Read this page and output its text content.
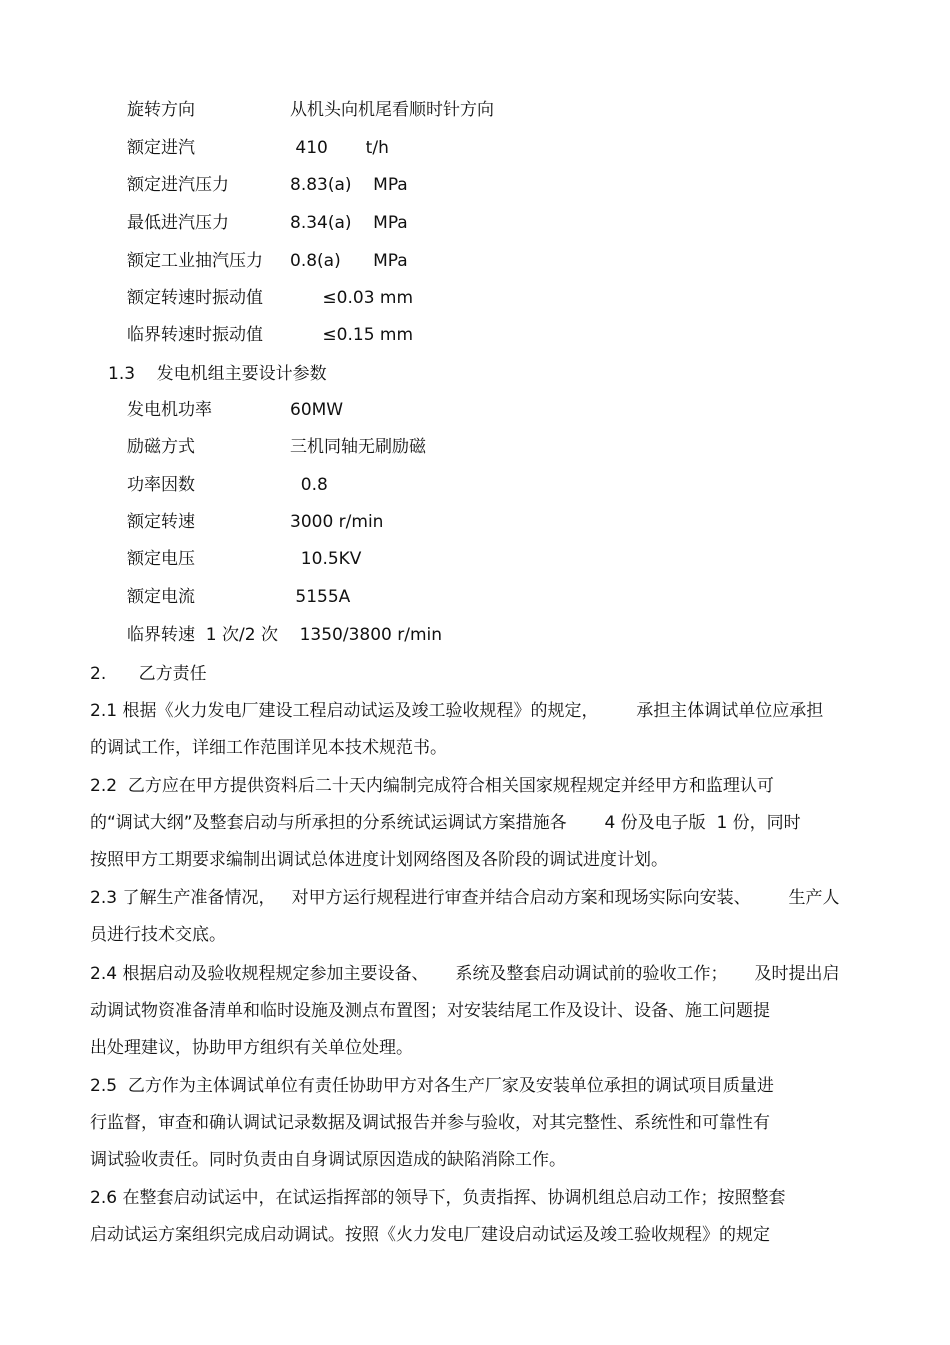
旋转方向	从机头向机尾看顺时针方向
额定进汽	410       t/h
额定进汽压力	8.83(a)    MPa
最低进汽压力	8.34(a)    MPa
额定工业抽汽压力 0.8(a)      MPa
额定转速时振动值 ≤0.03 mm
临界转速时振动值 ≤0.15 mm
1.3    发电机组主要设计参数
发电机功率	60MW
励磁方式	三机同轴无刷励磁
功率因数	0.8
额定转速	3000 r/min
额定电压	10.5KV
额定电流	5155A
临界转速  1 次/2 次    1350/3800 r/min
2.      乙方责任
2.1 根据《火力发电厂建设工程启动试运及竣工验收规程》的规定，       承担主体调试单位应承担
的调试工作，详细工作范围详见本技术规范书。
2.2  乙方应在甲方提供资料后二十天内编制完成符合相关国家规程规定并经甲方和监理认可
的“调试大纲”及整套启动与所承担的分系统试运调试方案措施各       4 份及电子版  1 份，同时
按照甲方工期要求编制出调试总体进度计划网络图及各阶段的调试进度计划。
2.3 了解生产准备情况，   对甲方运行规程进行审查并结合启动方案和现场实际向安装、       生产人
员进行技术交底。
2.4 根据启动及验收规程规定参加主要设备、     系统及整套启动调试前的验收工作；     及时提出启
动调试物资准备清单和临时设施及测点布置图；对安装结尾工作及设计、设备、施工问题提
出处理建议，协助甲方组织有关单位处理。
2.5  乙方作为主体调试单位有责任协助甲方对各生产厂家及安装单位承担的调试项目质量进
行监督，审查和确认调试记录数据及调试报告并参与验收，对其完整性、系统性和可靠性有
调试验收责任。同时负责由自身调试原因造成的缺陷消除工作。
2.6 在整套启动试运中，在试运指挥部的领导下，负责指挥、协调机组总启动工作；按照整套
启动试运方案组织完成启动调试。按照《火力发电厂建设启动试运及竣工验收规程》的规定
